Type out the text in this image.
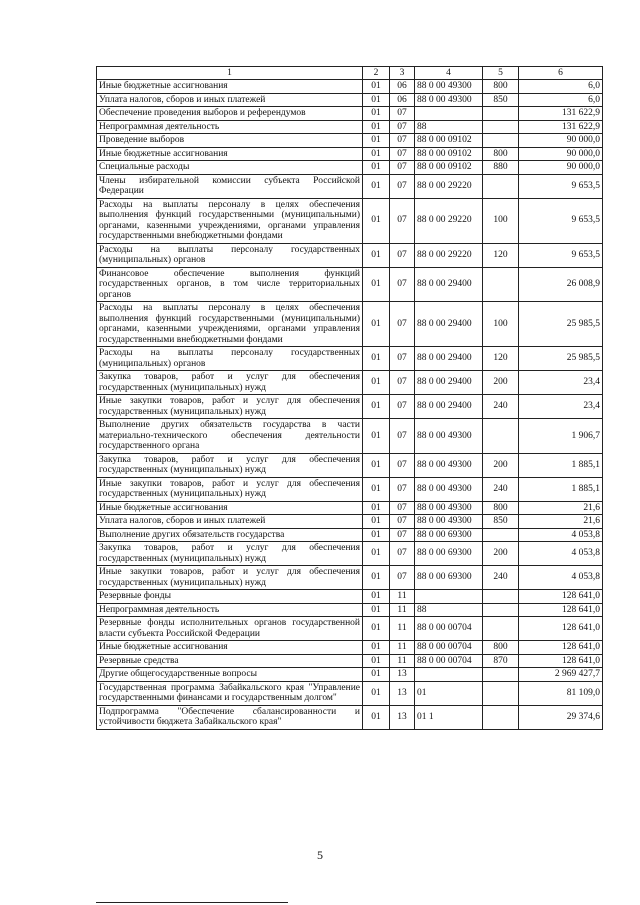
1	2	3	4	5	6
Иные бюджетные ассигнования	01	06	88 0 00 49300	800	6,0
Уплата налогов, сборов и иных платежей	01	06	88 0 00 49300	850	6,0
Обеспечение проведения выборов и референдумов	01	07			131 622,9
Непрограммная деятельность	01	07	88		131 622,9
Проведение выборов	01	07	88 0 00 09102		90 000,0
Иные бюджетные ассигнования	01	07	88 0 00 09102	800	90 000,0
Специальные расходы	01	07	88 0 00 09102	880	90 000,0
Члены избирательной комиссии субъекта Российской Федерации	01	07	88 0 00 29220		9 653,5
Расходы на выплаты персоналу в целях обеспечения выполнения функций государственными (муниципальными) органами, казенными учреждениями, органами управления государственными внебюджетными фондами	01	07	88 0 00 29220	100	9 653,5
Расходы на выплаты персоналу государственных (муниципальных) органов	01	07	88 0 00 29220	120	9 653,5
Финансовое обеспечение выполнения функций государственных органов, в том числе территориальных органов	01	07	88 0 00 29400		26 008,9
Расходы на выплаты персоналу в целях обеспечения выполнения функций государственными (муниципальными) органами, казенными учреждениями, органами управления государственными внебюджетными фондами	01	07	88 0 00 29400	100	25 985,5
Расходы на выплаты персоналу государственных (муниципальных) органов	01	07	88 0 00 29400	120	25 985,5
Закупка товаров, работ и услуг для обеспечения государственных (муниципальных) нужд	01	07	88 0 00 29400	200	23,4
Иные закупки товаров, работ и услуг для обеспечения государственных (муниципальных) нужд	01	07	88 0 00 29400	240	23,4
Выполнение других обязательств государства в части материально-технического обеспечения деятельности государственного органа	01	07	88 0 00 49300		1 906,7
Закупка товаров, работ и услуг для обеспечения государственных (муниципальных) нужд	01	07	88 0 00 49300	200	1 885,1
Иные закупки товаров, работ и услуг для обеспечения государственных (муниципальных) нужд	01	07	88 0 00 49300	240	1 885,1
Иные бюджетные ассигнования	01	07	88 0 00 49300	800	21,6
Уплата налогов, сборов и иных платежей	01	07	88 0 00 49300	850	21,6
Выполнение других обязательств государства	01	07	88 0 00 69300		4 053,8
Закупка товаров, работ и услуг для обеспечения государственных (муниципальных) нужд	01	07	88 0 00 69300	200	4 053,8
Иные закупки товаров, работ и услуг для обеспечения государственных (муниципальных) нужд	01	07	88 0 00 69300	240	4 053,8
Резервные фонды	01	11			128 641,0
Непрограммная деятельность	01	11	88		128 641,0
Резервные фонды исполнительных органов государственной власти субъекта Российской Федерации	01	11	88 0 00 00704		128 641,0
Иные бюджетные ассигнования	01	11	88 0 00 00704	800	128 641,0
Резервные средства	01	11	88 0 00 00704	870	128 641,0
Другие общегосударственные вопросы	01	13			2 969 427,7
Государственная программа Забайкальского края "Управление государственными финансами и государственным долгом"	01	13	01		81 109,0
Подпрограмма "Обеспечение сбалансированности и устойчивости бюджета Забайкальского края"	01	13	01 1		29 374,6
5
